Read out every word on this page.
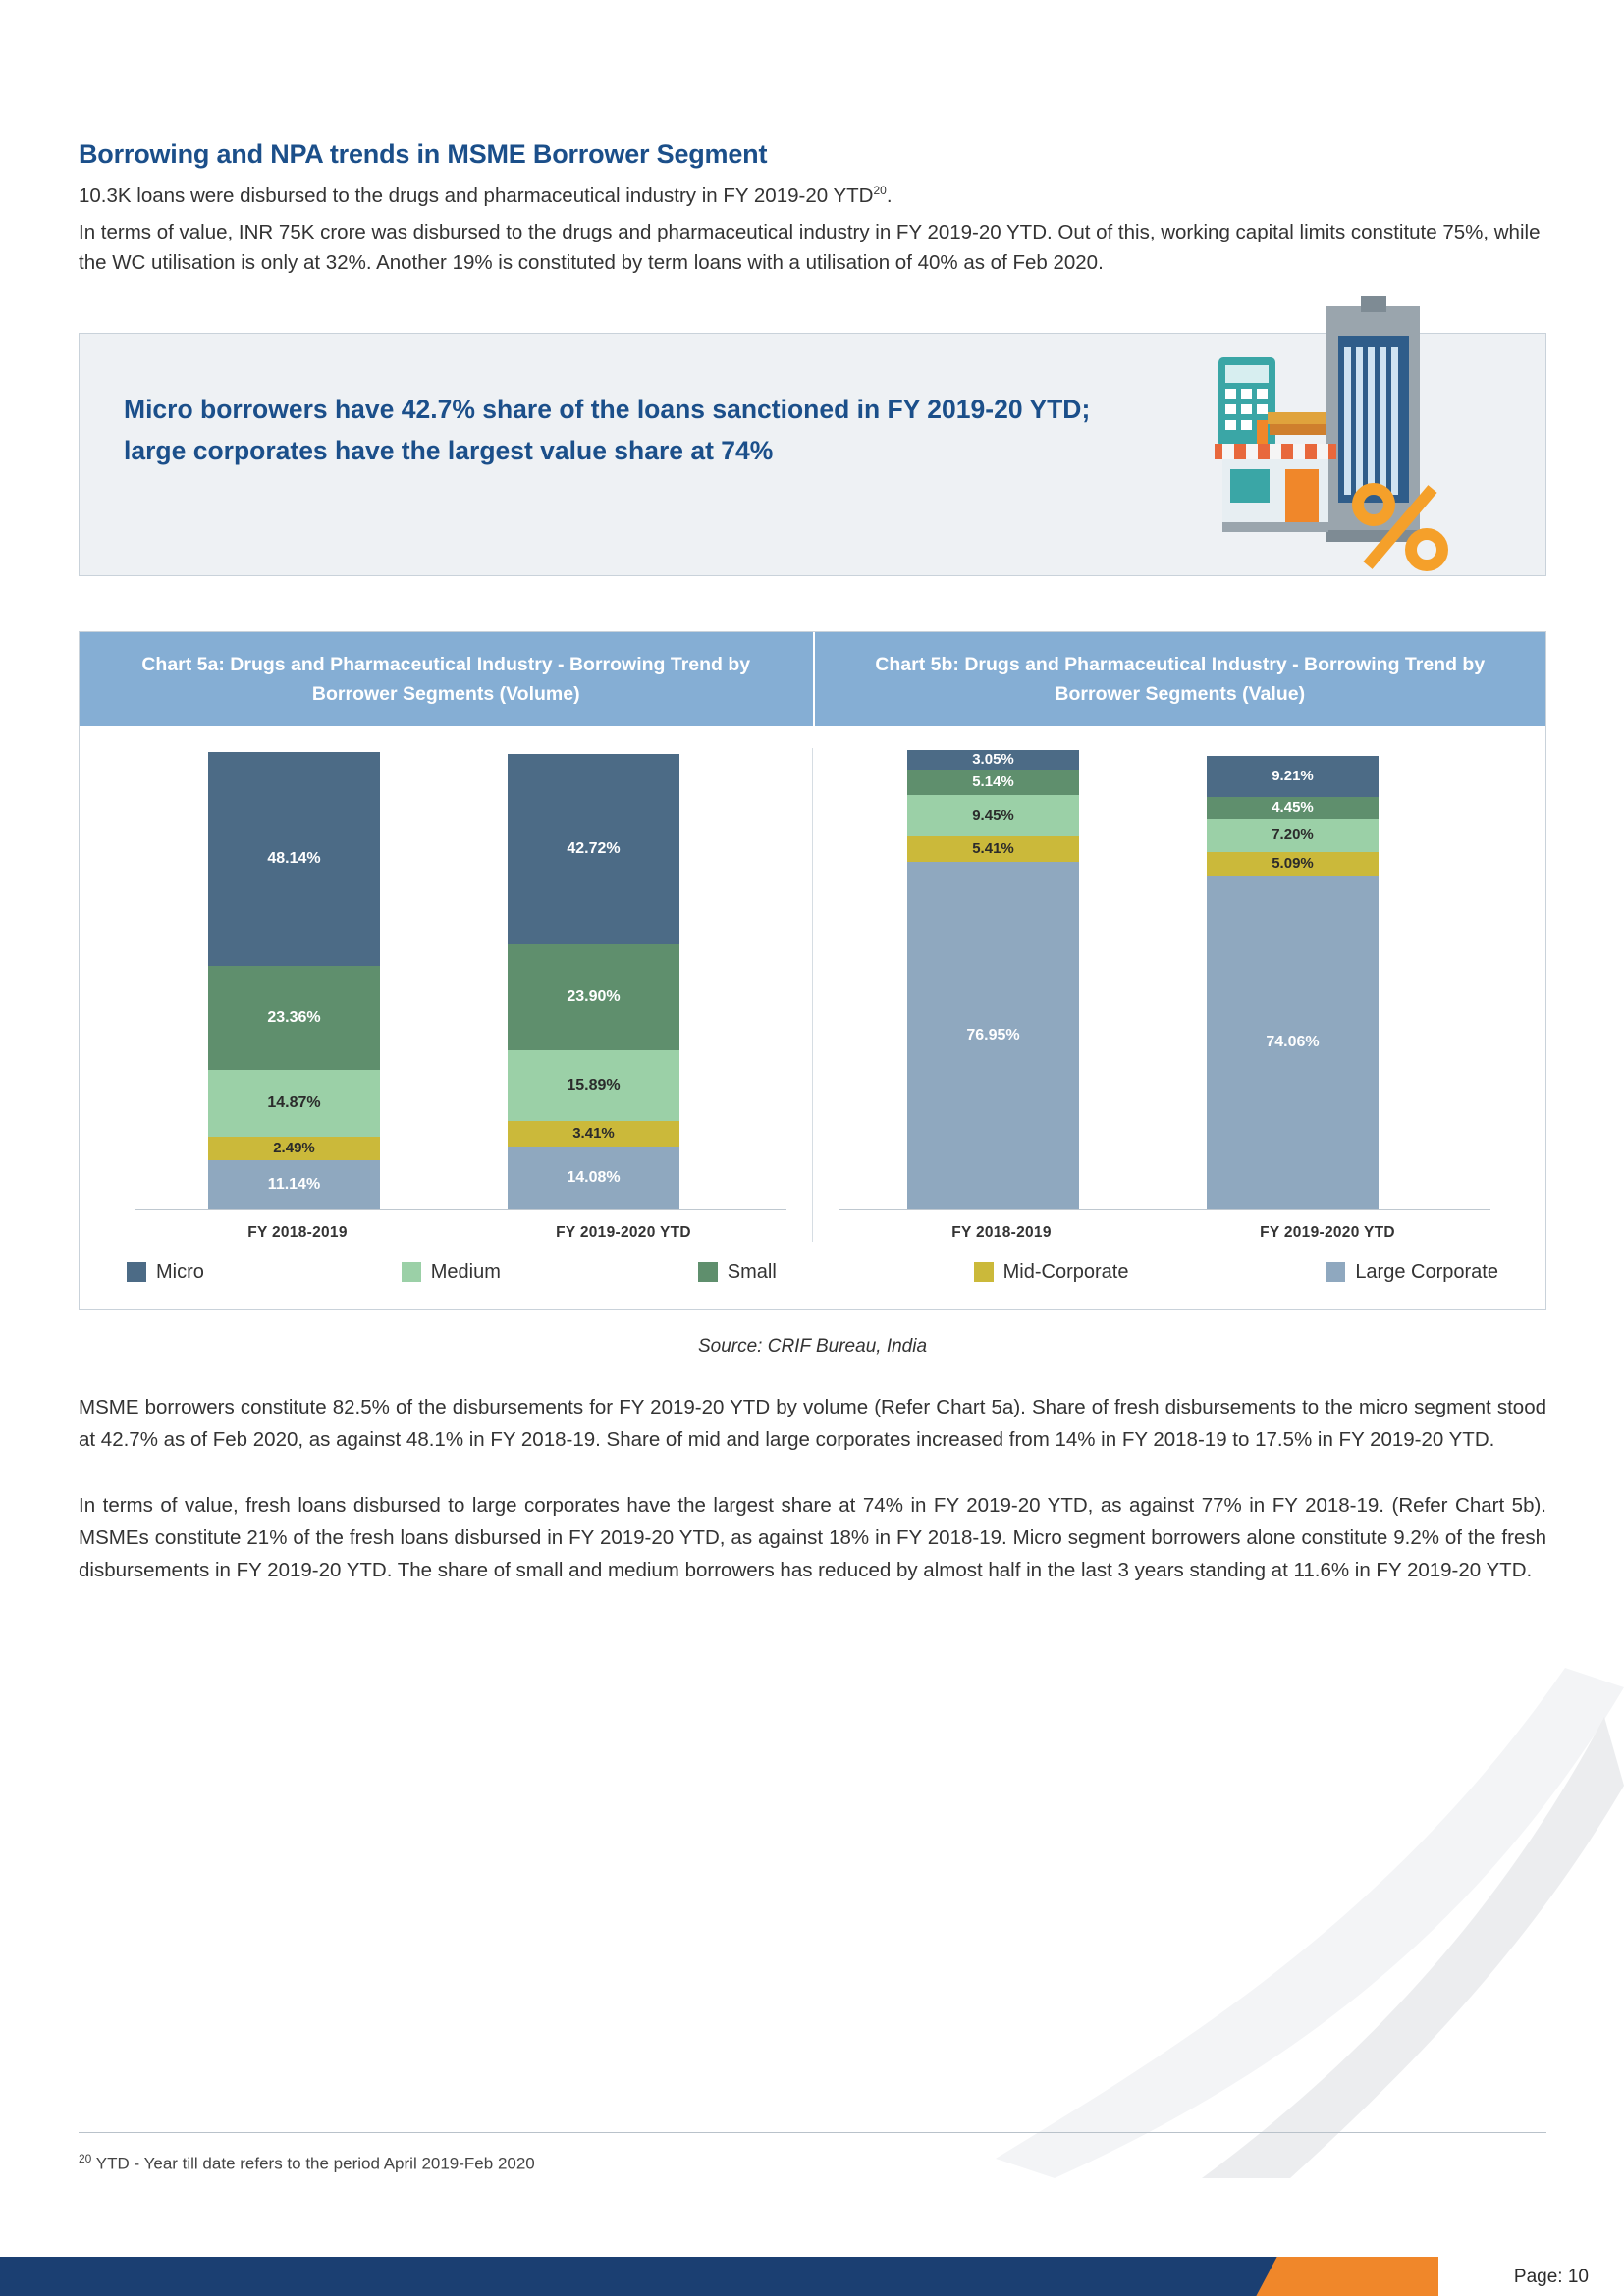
Borrowing and NPA trends in MSME Borrower Segment

10.3K loans were disbursed to the drugs and pharmaceutical industry in FY 2019-20 YTD$^{20}$.

In terms of value, INR 75K crore was disbursed to the drugs and pharmaceutical industry in FY 2019-20 YTD. Out of this, working capital limits constitute 75%, while the WC utilisation is only at 32%. Another 19% is constituted by term loans with a utilisation of 40% as of Feb 2020.

Micro borrowers have 42.7% share of the loans sanctioned in FY 2019-20 YTD; large corporates have the largest value share at 74%
Chart 5a: Drugs and Pharmaceutical Industry - Borrowing Trend by Borrower Segments (Volume)
Chart 5b: Drugs and Pharmaceutical Industry - Borrowing Trend by Borrower Segments (Value)
48.14%
23.36%
14.87%
2.49%
11.14%
42.72%
23.90%
15.89%
3.41%
14.08%
FY 2018-2019	FY 2019-2020 YTD
3.05%
5.14%
9.45%
5.41%
76.95%
9.21%
4.45%
7.20%
5.09%
74.06%
FY 2018-2019	FY 2019-2020 YTD
Micro	Medium	Small	Mid-Corporate	Large Corporate
Source: CRIF Bureau, India

MSME borrowers constitute 82.5% of the disbursements for FY 2019-20 YTD by volume (Refer Chart 5a). Share of fresh disbursements to the micro segment stood at 42.7% as of Feb 2020, as against 48.1% in FY 2018-19. Share of mid and large corporates increased from 14% in FY 2018-19 to 17.5% in FY 2019-20 YTD.

In terms of value, fresh loans disbursed to large corporates have the largest share at 74% in FY 2019-20 YTD, as against 77% in FY 2018-19. (Refer Chart 5b). MSMEs constitute 21% of the fresh loans disbursed in FY 2019-20 YTD, as against 18% in FY 2018-19. Micro segment borrowers alone constitute 9.2% of the fresh disbursements in FY 2019-20 YTD. The share of small and medium borrowers has reduced by almost half in the last 3 years standing at 11.6% in FY 2019-20 YTD.

$^{20}$ YTD - Year till date refers to the period April 2019-Feb 2020
Page: 10
